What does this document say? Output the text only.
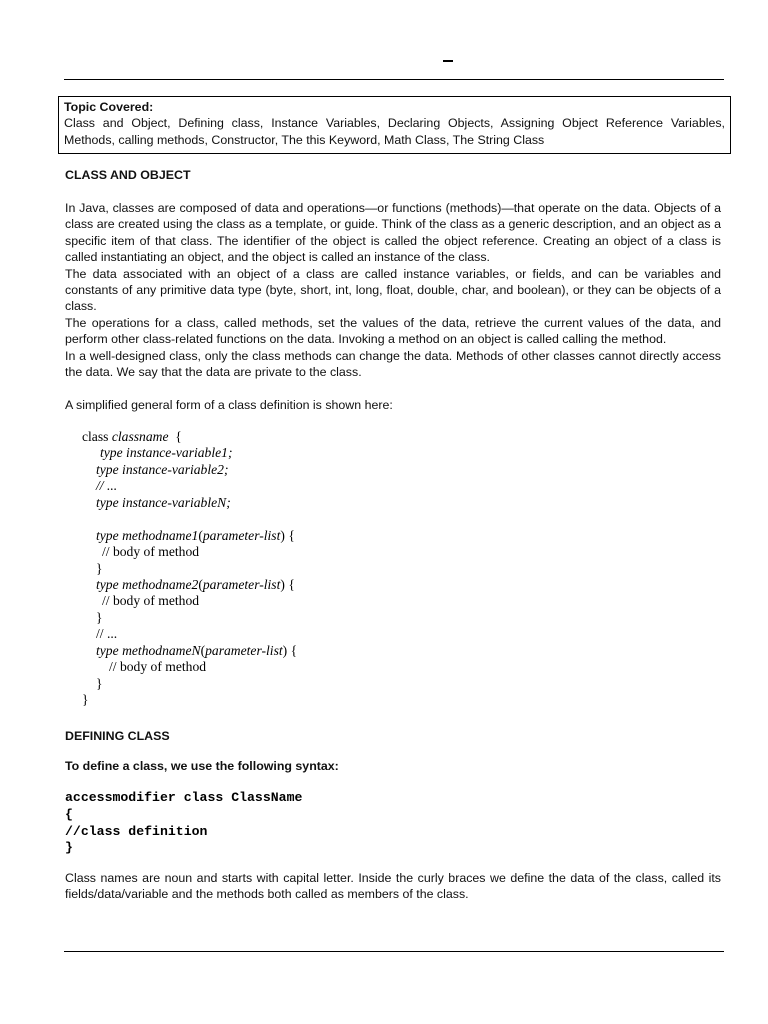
Topic Covered:
Class and Object, Defining class, Instance Variables, Declaring Objects, Assigning Object Reference Variables, Methods, calling methods, Constructor, The this Keyword, Math Class, The String Class
CLASS AND OBJECT

In Java, classes are composed of data and operations—or functions (methods)—that operate on the data. Objects of a class are created using the class as a template, or guide. Think of the class as a generic description, and an object as a specific item of that class. The identifier of the object is called the object reference. Creating an object of a class is called instantiating an object, and the object is called an instance of the class.

The data associated with an object of a class are called instance variables, or fields, and can be variables and constants of any primitive data type (byte, short, int, long, float, double, char, and boolean), or they can be objects of a class.

The operations for a class, called methods, set the values of the data, retrieve the current values of the data, and perform other class-related functions on the data. Invoking a method on an object is called calling the method.

In a well-designed class, only the class methods can change the data. Methods of other classes cannot directly access the data. We say that the data are private to the class.

A simplified general form of a class definition is shown here:
class classname {
type instance-variable1;
type instance-variable2;
// ...
type instance-variableN;
type methodname1(parameter-list) {
// body of method
}
type methodname2(parameter-list) {
// body of method
}
// ...
type methodnameN(parameter-list) {
// body of method
}
}
DEFINING CLASS
To define a class, we use the following syntax:
accessmodifier class ClassName
{
//class definition
}
Class names are noun and starts with capital letter. Inside the curly braces we define the data of the class, called its fields/data/variable and the methods both called as members of the class.
